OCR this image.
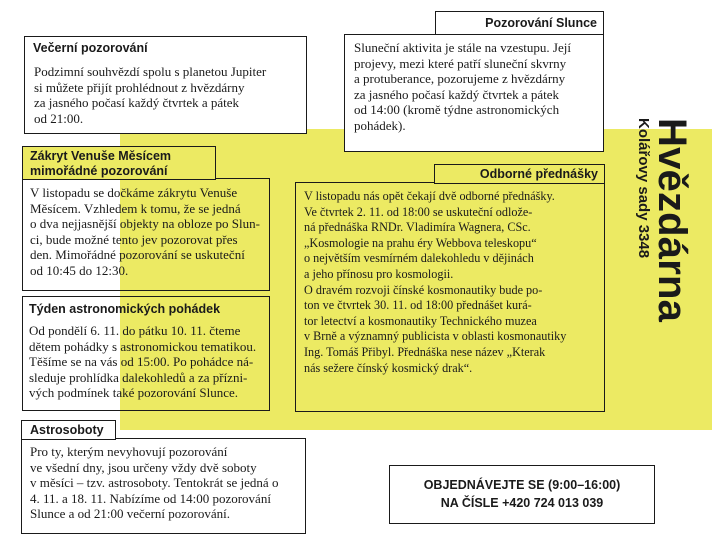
Večerní pozorování
Podzimní souhvězdí spolu s planetou Jupiter
si můžete přijít prohlédnout z hvězdárny
za jasného počasí každý čtvrtek a pátek
od 21:00.
Pozorování Slunce
Sluneční aktivita je stále na vzestupu. Její
projevy, mezi které patří sluneční skvrny
a protuberance, pozorujeme z hvězdárny
za jasného počasí každý čtvrtek a pátek
od 14:00 (kromě týdne astronomických
pohádek).
Zákryt Venuše Měsícem
mimořádné pozorování
V listopadu se dočkáme zákrytu Venuše
Měsícem. Vzhledem k tomu, že se jedná
o dva nejjasnější objekty na obloze po Slun-
ci, bude možné tento jev pozorovat přes
den. Mimořádné pozorování se uskuteční
od 10:45 do 12:30.
Odborné přednášky
V listopadu nás opět čekají dvě odborné přednášky.
Ve čtvrtek 2. 11. od 18:00 se uskuteční odlože-
ná přednáška RNDr. Vladimíra Wagnera, CSc.
„Kosmologie na prahu éry Webbova teleskopu“
o největším vesmírném dalekohledu v dějinách
a jeho přínosu pro kosmologii.
O dravém rozvoji čínské kosmonautiky bude po-
ton ve čtvrtek 30. 11. od 18:00 přednášet kurá-
tor letectví a kosmonautiky Technického muzea
v Brně a významný publicista v oblasti kosmonautiky
Ing. Tomáš Přibyl. Přednáška nese název „Kterak
nás sežere čínský kosmický drak“.
Týden astronomických pohádek
Od pondělí 6. 11. do pátku 10. 11. čteme
dětem pohádky s astronomickou tematikou.
Těšíme se na vás od 15:00. Po pohádce ná-
sleduje prohlídka dalekohledů a za přízni-
vých podmínek také pozorování Slunce.
Astrosoboty
Pro ty, kterým nevyhovují pozorování
ve všední dny, jsou určeny vždy dvě soboty
v měsíci – tzv. astrosoboty. Tentokrát se jedná o
4. 11. a 18. 11. Nabízíme od 14:00 pozorování
Slunce a od 21:00 večerní pozorování.
Hvězdárna
Kolářovy sady 3348
OBJEDNÁVEJTE SE (9:00–16:00)
NA ČÍSLE +420 724 013 039
